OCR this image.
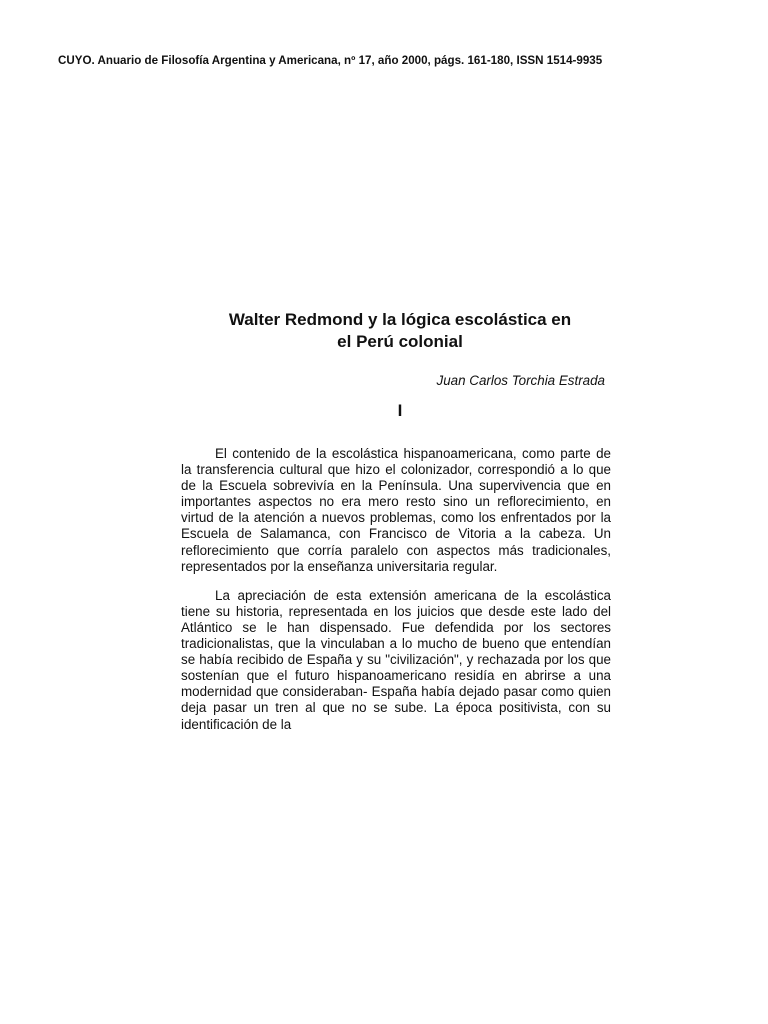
CUYO. Anuario de Filosofía Argentina y Americana, nº 17, año 2000, págs. 161-180, ISSN 1514-9935
Walter Redmond y la lógica escolástica en
el Perú colonial
Juan Carlos Torchia Estrada
I

El contenido de la escolástica hispanoamericana, como parte de la transferencia cultural que hizo el colonizador, correspondió a lo que de la Escuela sobrevivía en la Península. Una supervivencia que en importantes aspectos no era mero resto sino un reflorecimiento, en virtud de la atención a nuevos problemas, como los enfrentados por la Escuela de Salamanca, con Francisco de Vitoria a la cabeza. Un reflorecimiento que corría paralelo con aspectos más tradicionales, representados por la enseñanza universitaria regular.

La apreciación de esta extensión americana de la escolástica tiene su historia, representada en los juicios que desde este lado del Atlántico se le han dispensado. Fue defendida por los sectores tradicionalistas, que la vinculaban a lo mucho de bueno que entendían se había recibido de España y su "civilización", y rechazada por los que sostenían que el futuro hispanoamericano residía en abrirse a una modernidad que consideraban- España había dejado pasar como quien deja pasar un tren al que no se sube. La época positivista, con su identificación de la
